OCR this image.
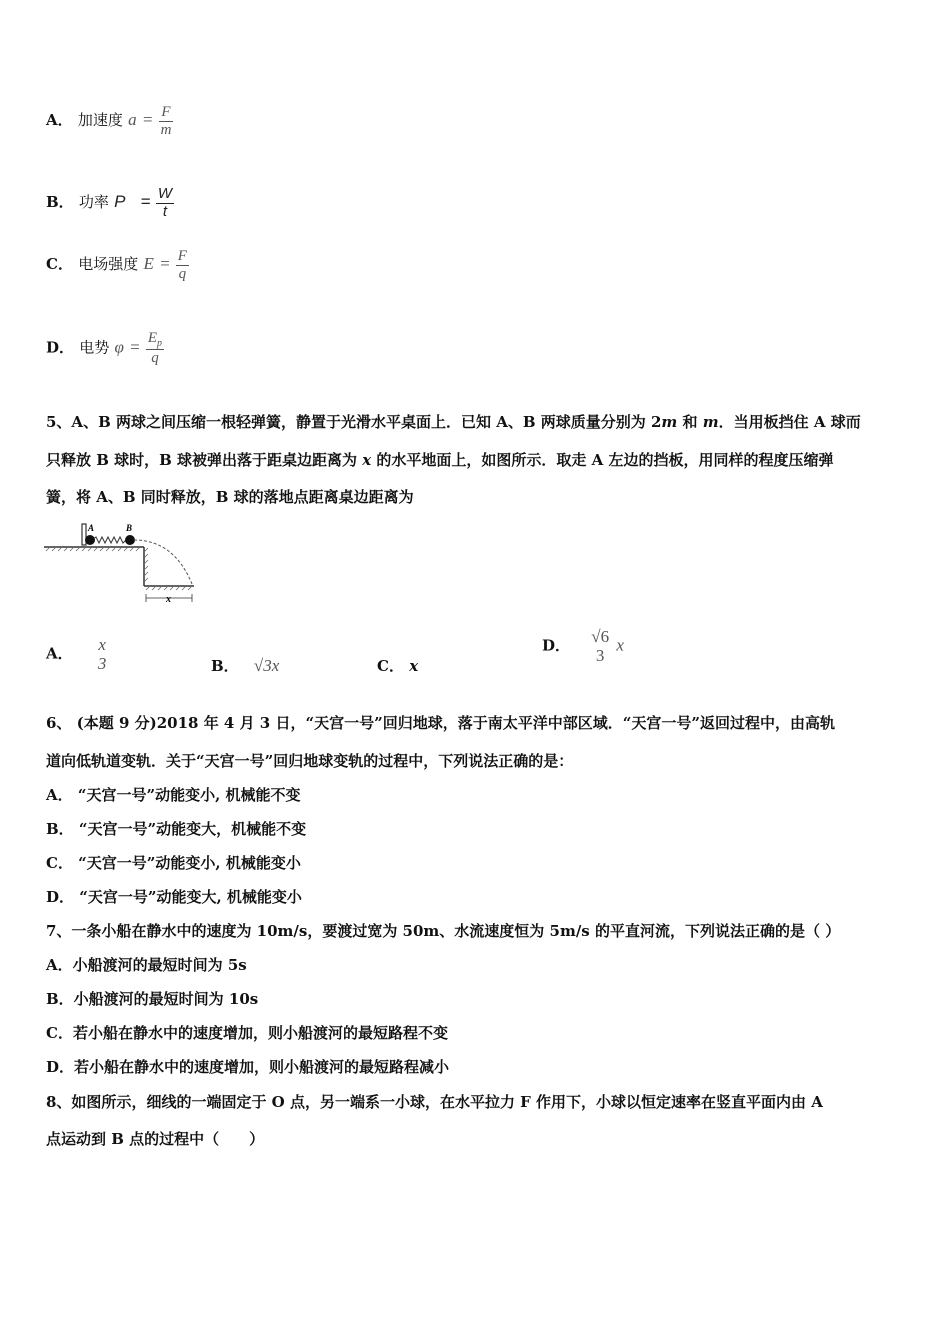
A． 加速度 $a = \frac{F}{m}$
B． 功率 $P = \frac{W}{t}$
C． 电场强度 $E = \frac{F}{q}$
D． 电势 $\varphi = \frac{E_p}{q}$
5、A、B 两球之间压缩一根轻弹簧，静置于光滑水平桌面上．已知 A、B 两球质量分别为 2m 和 m．当用板挡住 A 球而
只释放 B 球时，B 球被弹出落于距桌边距离为 x 的水平地面上，如图所示．取走 A 左边的挡板，用同样的程度压缩弹
簧，将 A、B 同时释放，B 球的落地点距离桌边距离为
A	B
x
A． x
3	B． √3x	C． x
D． √6
3
x
6、 (本题 9 分)2018 年 4 月 3 日，“天宫一号”回归地球，落于南太平洋中部区域．“天宫一号”返回过程中，由高轨
道向低轨道变轨．关于“天宫一号”回归地球变轨的过程中，下列说法正确的是：
A． “天宫一号”动能变小, 机械能不变
B． “天宫一号”动能变大，机械能不变
C． “天宫一号”动能变小, 机械能变小
D． “天宫一号”动能变大, 机械能变小
7、一条小船在静水中的速度为 10m/s，要渡过宽为 50m、水流速度恒为 5m/s 的平直河流，下列说法正确的是（ ）
A．小船渡河的最短时间为 5s
B．小船渡河的最短时间为 10s
C．若小船在静水中的速度增加，则小船渡河的最短路程不变
D．若小船在静水中的速度增加，则小船渡河的最短路程减小
8、如图所示，细线的一端固定于 O 点，另一端系一小球，在水平拉力 F 作用下，小球以恒定速率在竖直平面内由 A
点运动到 B 点的过程中（　　）
